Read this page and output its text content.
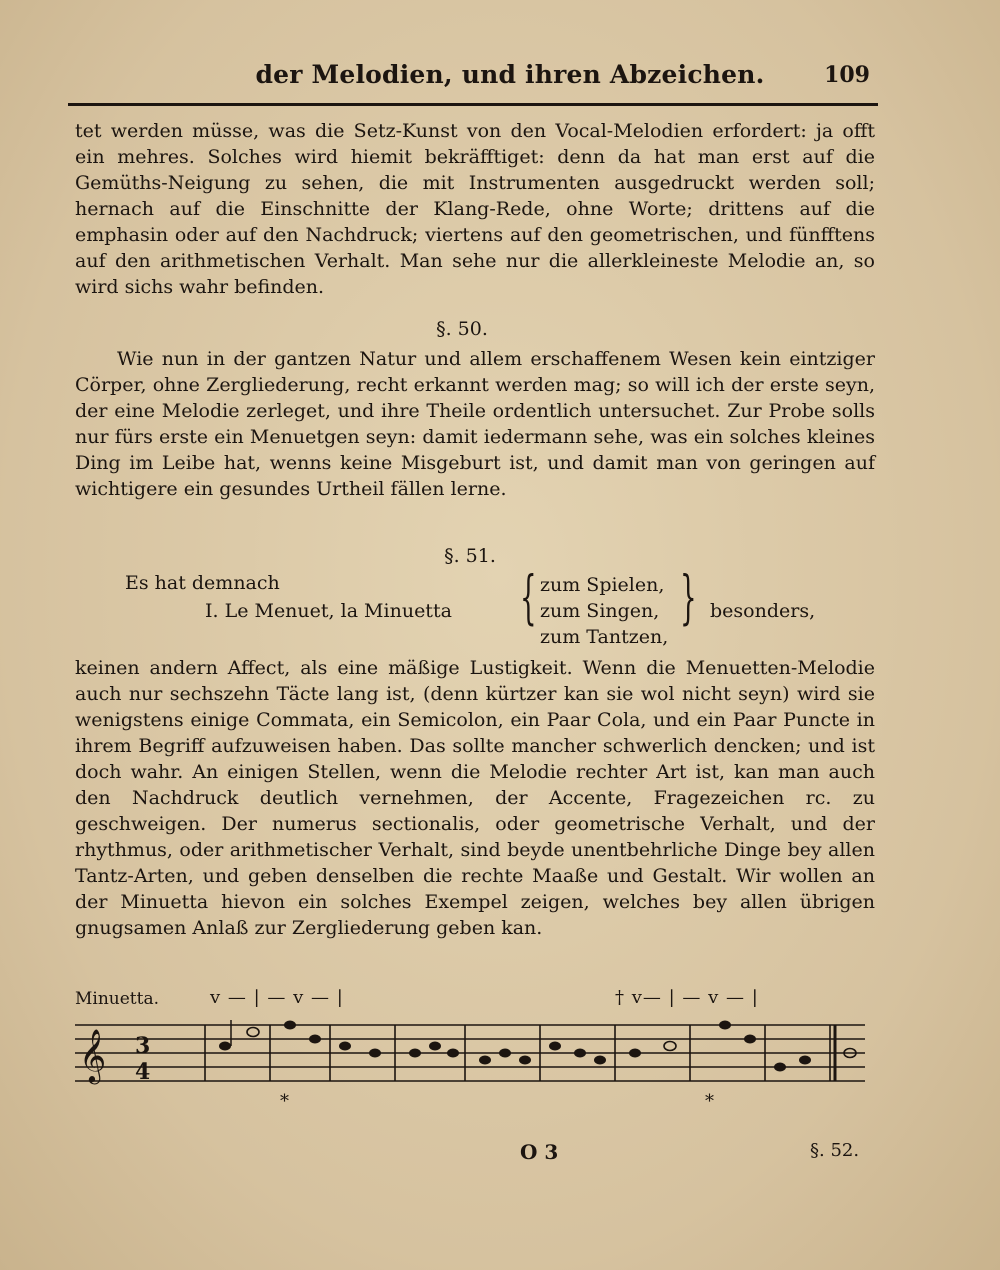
der Melodien, und ihren Abzeichen.	109
tet werden müsse, was die Setz-Kunst von den Vocal-Melodien erfordert: ja offt ein mehres. Solches wird hiemit bekräfftiget: denn da hat man erst auf die Gemüths-Neigung zu sehen, die mit Instrumenten ausgedruckt werden soll; hernach auf die Einschnitte der Klang-Rede, ohne Worte; drittens auf die emphasin oder auf den Nachdruck; viertens auf den geometrischen, und fünfftens auf den arithmetischen Verhalt. Man sehe nur die allerkleineste Melodie an, so wird sichs wahr befinden.
§. 50.
Wie nun in der gantzen Natur und allem erschaffenem Wesen kein eintziger Cörper, ohne Zergliederung, recht erkannt werden mag; so will ich der erste seyn, der eine Melodie zerleget, und ihre Theile ordentlich untersuchet. Zur Probe solls nur fürs erste ein Menuetgen seyn: damit iedermann sehe, was ein solches kleines Ding im Leibe hat, wenns keine Misgeburt ist, und damit man von geringen auf wichtigere ein gesundes Urtheil fällen lerne.
§. 51.
Es hat demnach
I. Le Menuet, la Minuetta { zum Spielen,
zum Singen,
zum Tantzen,
} besonders,
keinen andern Affect, als eine mäßige Lustigkeit. Wenn die Menuetten-Melodie auch nur sechszehn Täcte lang ist, (denn kürtzer kan sie wol nicht seyn) wird sie wenigstens einige Commata, ein Semicolon, ein Paar Cola, und ein Paar Puncte in ihrem Begriff aufzuweisen haben. Das sollte mancher schwerlich dencken; und ist doch wahr. An einigen Stellen, wenn die Melodie rechter Art ist, kan man auch den Nachdruck deutlich vernehmen, der Accente, Fragezeichen rc. zu geschweigen. Der numerus sectionalis, oder geometrische Verhalt, und der rhythmus, oder arithmetischer Verhalt, sind beyde unentbehrliche Dinge bey allen Tantz-Arten, und geben denselben die rechte Maaße und Gestalt. Wir wollen an der Minuetta hievon ein solches Exempel zeigen, welches bey allen übrigen gnugsamen Anlaß zur Zergliederung geben kan.
Minuetta.	v — | — v — |	† v— | — v — |
𝄞 3
4
*	*
O 3	§. 52.
